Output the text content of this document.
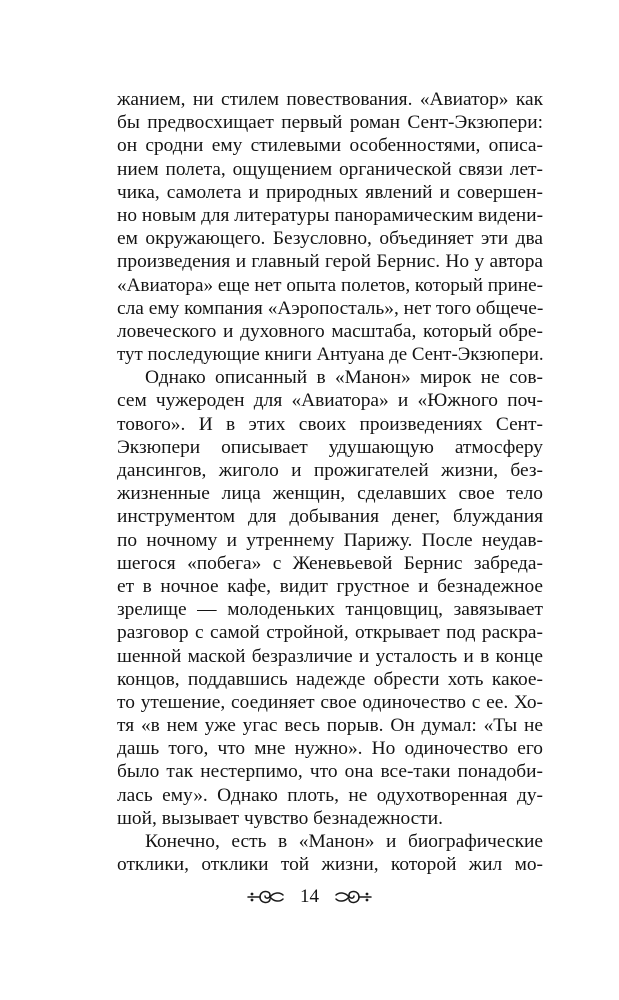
жанием, ни стилем повествования. «Авиатор» как
бы предвосхищает первый роман Сент-Экзюпери:
он сродни ему стилевыми особенностями, описа-
нием полета, ощущением органической связи лет-
чика, самолета и природных явлений и совершен-
но новым для литературы панорамическим видени-
ем окружающего. Безусловно, объединяет эти два
произведения и главный герой Бернис. Но у автора
«Авиатора» еще нет опыта полетов, который прине-
сла ему компания «Аэропосталь», нет того общече-
ловеческого и духовного масштаба, который обре-
тут последующие книги Антуана де Сент-Экзюпери.
Однако описанный в «Манон» мирок не сов-
сем чужероден для «Авиатора» и «Южного поч-
тового». И в этих своих произведениях Сент-
Экзюпери описывает удушающую атмосферу
дансингов, жиголо и прожигателей жизни, без-
жизненные лица женщин, сделавших свое тело
инструментом для добывания денег, блуждания
по ночному и утреннему Парижу. После неудав-
шегося «побега» с Женевьевой Бернис забреда-
ет в ночное кафе, видит грустное и безнадежное
зрелище — молоденьких танцовщиц, завязывает
разговор с самой стройной, открывает под раскра-
шенной маской безразличие и усталость и в конце
концов, поддавшись надежде обрести хоть какое-
то утешение, соединяет свое одиночество с ее. Хо-
тя «в нем уже угас весь порыв. Он думал: «Ты не
дашь того, что мне нужно». Но одиночество его
было так нестерпимо, что она все-таки понадоби-
лась ему». Однако плоть, не одухотворенная ду-
шой, вызывает чувство безнадежности.
Конечно, есть в «Манон» и биографические
отклики, отклики той жизни, которой жил мо-
14
